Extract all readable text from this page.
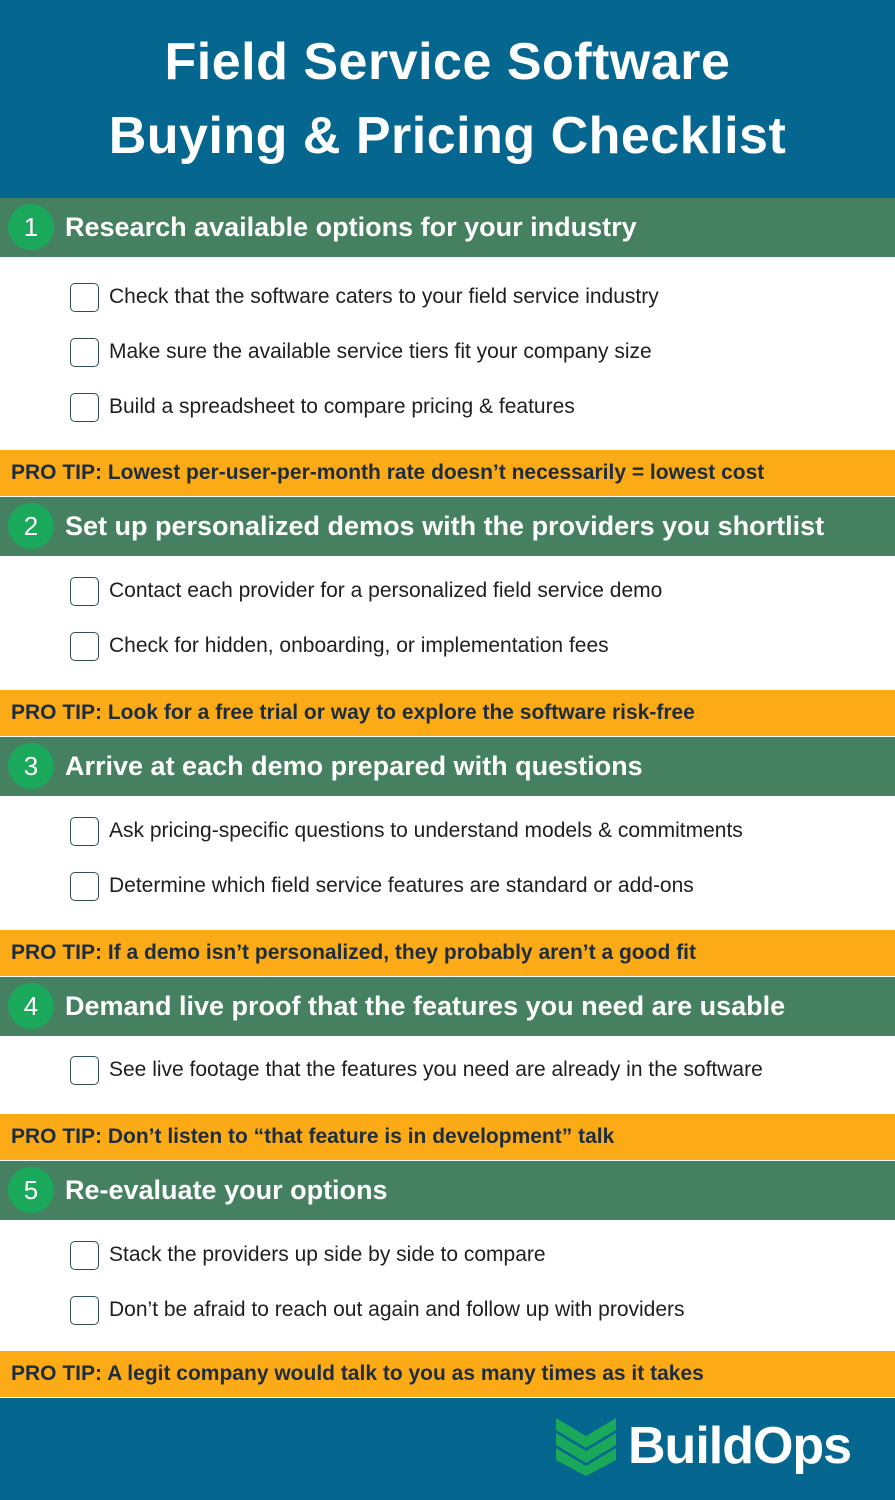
Field Service Software
Buying & Pricing Checklist
1 Research available options for your industry
Check that the software caters to your field service industry
Make sure the available service tiers fit your company size
Build a spreadsheet to compare pricing & features
PRO TIP: Lowest per-user-per-month rate doesn’t necessarily = lowest cost
2 Set up personalized demos with the providers you shortlist
Contact each provider for a personalized field service demo
Check for hidden, onboarding, or implementation fees
PRO TIP: Look for a free trial or way to explore the software risk-free
3 Arrive at each demo prepared with questions
Ask pricing-specific questions to understand models & commitments
Determine which field service features are standard or add-ons
PRO TIP: If a demo isn’t personalized, they probably aren’t a good fit
4 Demand live proof that the features you need are usable
See live footage that the features you need are already in the software
PRO TIP: Don’t listen to “that feature is in development” talk
5 Re-evaluate your options
Stack the providers up side by side to compare
Don’t be afraid to reach out again and follow up with providers
PRO TIP: A legit company would talk to you as many times as it takes
BuildOps
